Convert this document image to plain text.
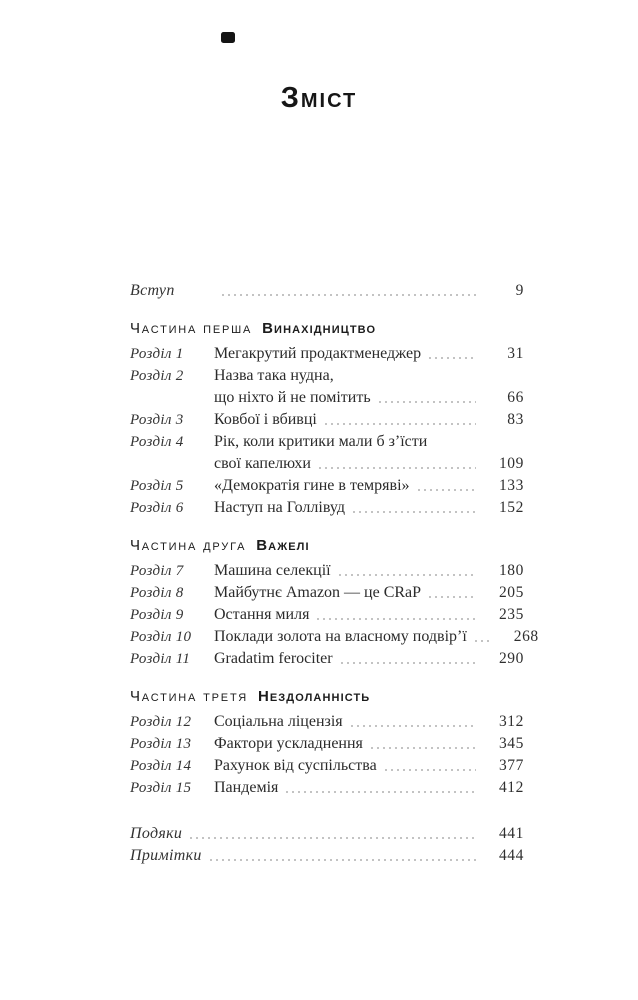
Зміст
Вступ	9
Частина перша Винахідництво
Розділ 1	Мегакрутий продактменеджер	31
Розділ 2	Назва така нудна,
що ніхто й не помітить	66
Розділ 3	Ковбої і вбивці	83
Розділ 4	Рік, коли критики мали б з’їсти
свої капелюхи	109
Розділ 5	«Демократія гине в темряві»	133
Розділ 6	Наступ на Голлівуд	152
Частина друга Важелі
Розділ 7	Машина селекції	180
Розділ 8	Майбутнє Amazon — це CRaP	205
Розділ 9	Остання миля	235
Розділ 10	Поклади золота на власному подвір’ї	268
Розділ 11	Gradatim ferociter	290
Частина третя Нездоланність
Розділ 12	Соціальна ліцензія	312
Розділ 13	Фактори ускладнення	345
Розділ 14	Рахунок від суспільства	377
Розділ 15	Пандемія	412
Подяки	441
Примітки	444
